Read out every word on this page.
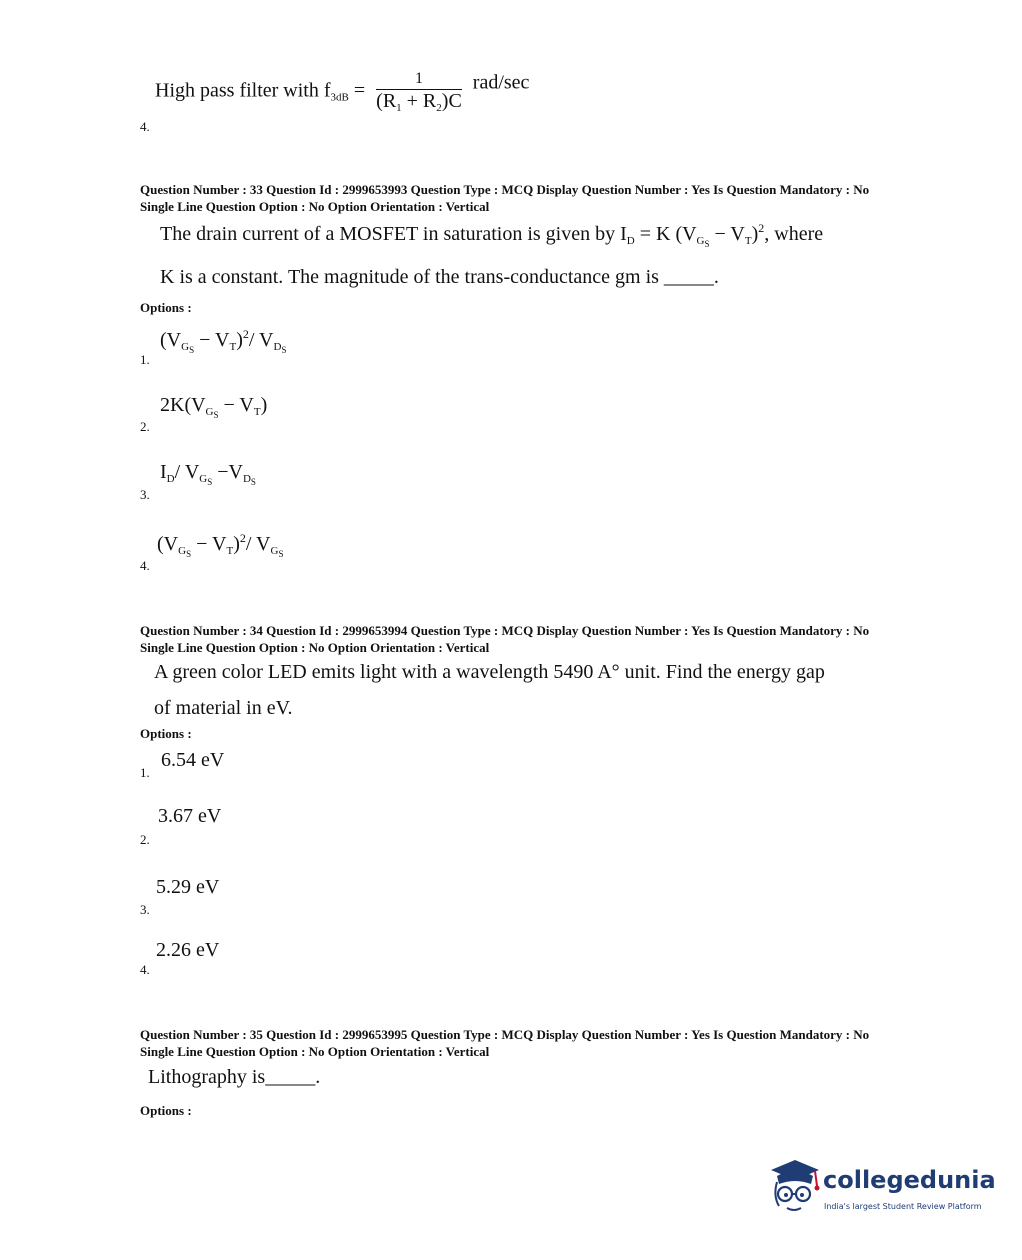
High pass filter with $f_{3dB} = \frac{1}{(R_1 + R_2)C} rad/\sec$
4.
Question Number : 33 Question Id : 2999653993 Question Type : MCQ Display Question Number : Yes Is Question Mandatory : No Single Line Question Option : No Option Orientation : Vertical
The drain current of a MOSFET in saturation is given by $I_D = K$ $(V_{G_S} - V_T)^2$, where
K is a constant. The magnitude of the trans-conductance gm is _____.
Options :
$(V_{G_S} - V_T)^2/$ $V_{D_S}$
1.
$2K(V_{G_S} - V_T)$
2.
$I_D/$ $V_{G_S} -V_{D_S}$
3.
$(V_{G_S} - V_T)^2/$ $V_{G_S}$
4.
Question Number : 34 Question Id : 2999653994 Question Type : MCQ Display Question Number : Yes Is Question Mandatory : No Single Line Question Option : No Option Orientation : Vertical
A green color LED emits light with a wavelength 5490 A° unit. Find the energy gap
of material in eV.
Options :
6.54 eV
1.
3.67 eV
2.
5.29 eV
3.
2.26 eV
4.
Question Number : 35 Question Id : 2999653995 Question Type : MCQ Display Question Number : Yes Is Question Mandatory : No Single Line Question Option : No Option Orientation : Vertical
Lithography is_____.
Options :
collegedunia
India's largest Student Review Platform
